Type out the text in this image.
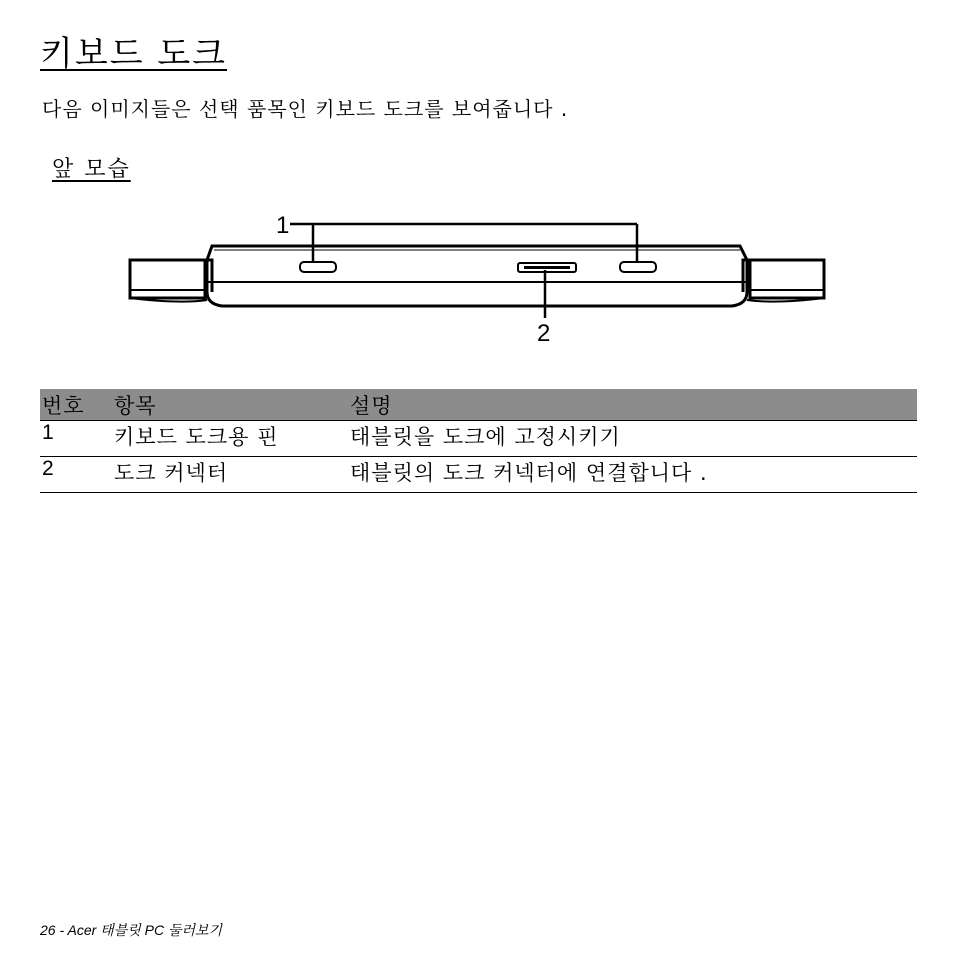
키보드 도크

다음 이미지들은 선택 품목인 키보드 도크를 보여줍니다 .

앞 모습
1
2
번호	항목	설명
1	키보드 도크용 핀	태블릿을 도크에 고정시키기
2	도크 커넥터	태블릿의 도크 커넥터에 연결합니다 .
26 - Acer 태블릿 PC 둘러보기
